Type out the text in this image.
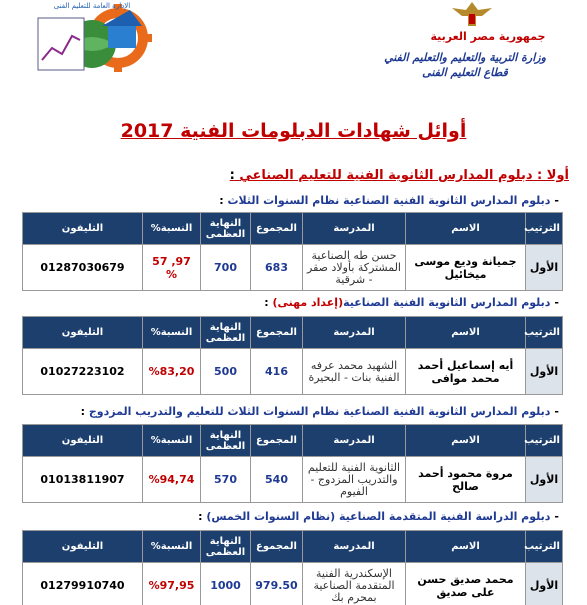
الإدارة العامة للتعليم الفنى
جمهورية مصر العربية
وزارة التربية والتعليم والتعليم الفني
قطاع التعليم الفنى
أوائل شهادات الدبلومات الفنية 2017
أولا : دبلوم المدارس الثانوية الفنية للتعليم الصناعي :
-دبلوم المدارس الثانوية الفنية الصناعية نظام السنوات الثلاث :
الترتيب	الاسم	المدرسة	المجموع	النهاية العظمى	النسبة%	التليفون
الأول	جميانة وديع موسى ميخائيل	حسن طه الصناعية المشتركة بأولاد صقر - شرقية	683	700	97, 57 %	01287030679
-دبلوم المدارس الثانوية الفنية الصناعية(إعداد مهنى) :
الترتيب	الاسم	المدرسة	المجموع	النهاية العظمى	النسبة%	التليفون
الأول	أيه إسماعيل أحمد محمد موافى	الشهيد محمد عرفه الفنية بنات - البحيرة	416	500	%83,20	01027223102
-دبلوم المدارس الثانوية الفنية الصناعية نظام السنوات الثلاث للتعليم والتدريب المزدوج :
الترتيب	الاسم	المدرسة	المجموع	النهاية العظمى	النسبة%	التليفون
الأول	مروة محمود أحمد صالح	الثانوية الفنية للتعليم والتدريب المزدوج - الفيوم	540	570	%94,74	01013811907
-دبلوم الدراسة الفنية المتقدمة الصناعية (نظام السنوات الخمس) :
الترتيب	الاسم	المدرسة	المجموع	النهاية العظمى	النسبة%	التليفون
الأول	محمد صديق حسن على صديق	الإسكندرية الفنية المتقدمة الصناعية بمحرم بك	979.50	1000	%97,95	01279910740
